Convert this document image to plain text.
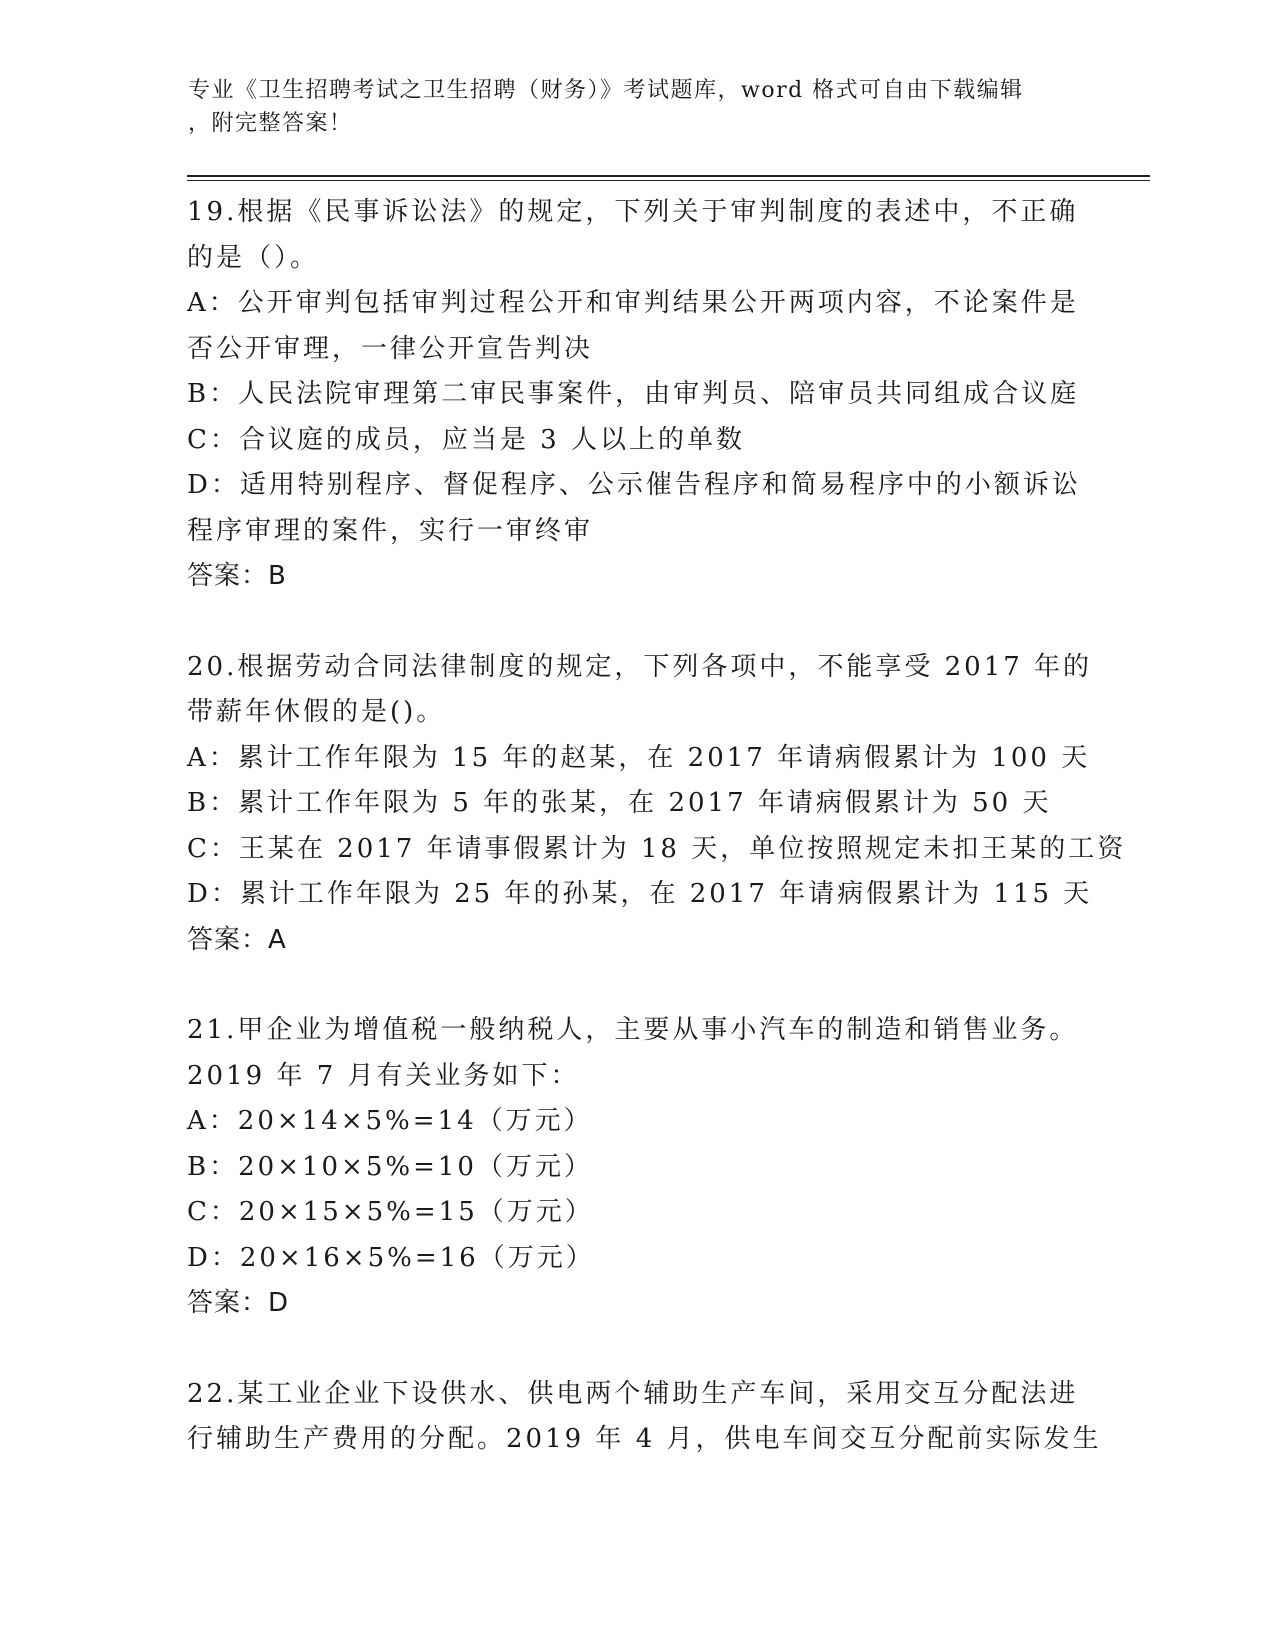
专业《卫生招聘考试之卫生招聘（财务）》考试题库，word 格式可自由下载编辑
，附完整答案！
19.根据《民事诉讼法》的规定，下列关于审判制度的表述中，不正确
的是（）。
A：公开审判包括审判过程公开和审判结果公开两项内容，不论案件是
否公开审理，一律公开宣告判决
B：人民法院审理第二审民事案件，由审判员、陪审员共同组成合议庭
C：合议庭的成员，应当是 3 人以上的单数
D：适用特别程序、督促程序、公示催告程序和简易程序中的小额诉讼
程序审理的案件，实行一审终审
答案：B
20.根据劳动合同法律制度的规定，下列各项中，不能享受 2017 年的
带薪年休假的是()。
A：累计工作年限为 15 年的赵某，在 2017 年请病假累计为 100 天
B：累计工作年限为 5 年的张某，在 2017 年请病假累计为 50 天
C：王某在 2017 年请事假累计为 18 天，单位按照规定未扣王某的工资
D：累计工作年限为 25 年的孙某，在 2017 年请病假累计为 115 天
答案：A
21.甲企业为增值税一般纳税人，主要从事小汽车的制造和销售业务。
2019 年 7 月有关业务如下：
A：20×14×5%=14（万元）
B：20×10×5%=10（万元）
C：20×15×5%=15（万元）
D：20×16×5%=16（万元）
答案：D
22.某工业企业下设供水、供电两个辅助生产车间，采用交互分配法进
行辅助生产费用的分配。2019 年 4 月，供电车间交互分配前实际发生
